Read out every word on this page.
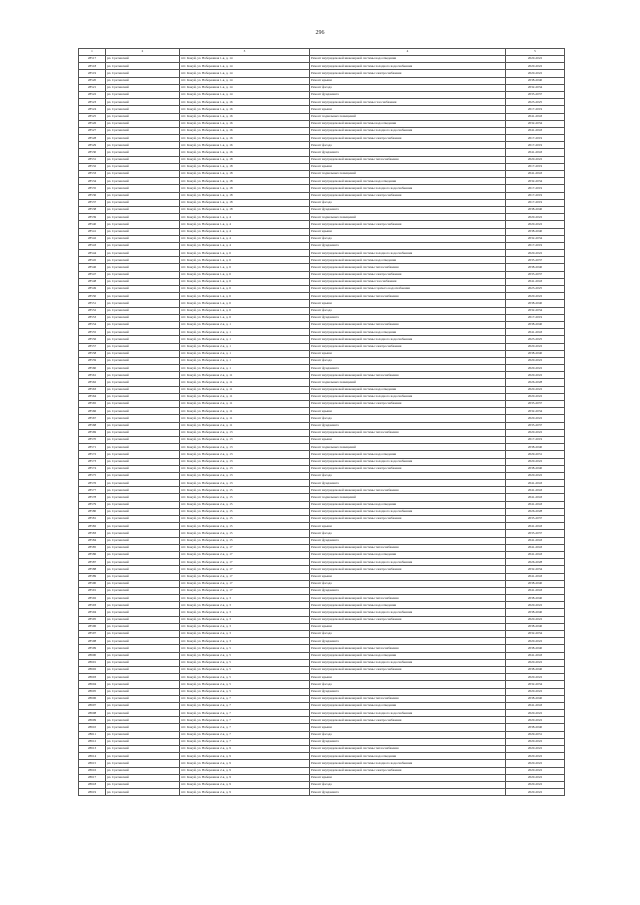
296
1	2	3	4	5
28517	рп. Сретенский	пгт. Кокуй, ул. Набережная 1-я, д. 14	Ремонт внутридомовой инженерной системы водоотведения	2020-2022
28518	рп. Сретенский	пгт. Кокуй, ул. Набережная 1-я, д. 14	Ремонт внутридомовой инженерной системы холодного водоснабжения	2020-2022
28519	рп. Сретенский	пгт. Кокуй, ул. Набережная 1-я, д. 14	Ремонт внутридомовой инженерной системы электроснабжения	2020-2022
28520	рп. Сретенский	пгт. Кокуй, ул. Набережная 1-я, д. 14	Ремонт крыши	2038-2040
28521	рп. Сретенский	пгт. Кокуй, ул. Набережная 1-я, д. 14	Ремонт фасада	2032-2034
28522	рп. Сретенский	пгт. Кокуй, ул. Набережная 1-я, д. 14	Ремонт фундамента	2035-2037
28523	рп. Сретенский	пгт. Кокуй, ул. Набережная 1-я, д. 16	Ремонт внутридомовой инженерной системы газоснабжения	2023-2025
28524	рп. Сретенский	пгт. Кокуй, ул. Набережная 1-я, д. 16	Ремонт крыши	2017-2019
28525	рп. Сретенский	пгт. Кокуй, ул. Набережная 1-я, д. 16	Ремонт подвальных помещений	2041-2043
28526	рп. Сретенский	пгт. Кокуй, ул. Набережная 1-я, д. 16	Ремонт внутридомовой инженерной системы водоотведения	2032-2034
28527	рп. Сретенский	пгт. Кокуй, ул. Набережная 1-я, д. 16	Ремонт внутридомовой инженерной системы холодного водоснабжения	2041-2043
28528	рп. Сретенский	пгт. Кокуй, ул. Набережная 1-я, д. 16	Ремонт внутридомовой инженерной системы электроснабжения	2017-2019
28529	рп. Сретенский	пгт. Кокуй, ул. Набережная 1-я, д. 16	Ремонт фасада	2017-2019
28530	рп. Сретенский	пгт. Кокуй, ул. Набережная 1-я, д. 16	Ремонт фундамента	2041-2043
28531	рп. Сретенский	пгт. Кокуй, ул. Набережная 1-я, д. 18	Ремонт внутридомовой инженерной системы теплоснабжения	2020-2022
28532	рп. Сретенский	пгт. Кокуй, ул. Набережная 1-я, д. 18	Ремонт крыши	2017-2019
28533	рп. Сретенский	пгт. Кокуй, ул. Набережная 1-я, д. 18	Ремонт подвальных помещений	2041-2043
28534	рп. Сретенский	пгт. Кокуй, ул. Набережная 1-я, д. 18	Ремонт внутридомовой инженерной системы водоотведения	2032-2034
28535	рп. Сретенский	пгт. Кокуй, ул. Набережная 1-я, д. 18	Ремонт внутридомовой инженерной системы холодного водоснабжения	2017-2019
28536	рп. Сретенский	пгт. Кокуй, ул. Набережная 1-я, д. 18	Ремонт внутридомовой инженерной системы электроснабжения	2017-2019
28537	рп. Сретенский	пгт. Кокуй, ул. Набережная 1-я, д. 18	Ремонт фасада	2017-2019
28538	рп. Сретенский	пгт. Кокуй, ул. Набережная 1-я, д. 18	Ремонт фундамента	2038-2040
28539	рп. Сретенский	пгт. Кокуй, ул. Набережная 1-я, д. 4	Ремонт подвальных помещений	2020-2022
28540	рп. Сретенский	пгт. Кокуй, ул. Набережная 1-я, д. 4	Ремонт внутридомовой инженерной системы электроснабжения	2020-2022
28541	рп. Сретенский	пгт. Кокуй, ул. Набережная 1-я, д. 4	Ремонт крыши	2038-2040
28542	рп. Сретенский	пгт. Кокуй, ул. Набережная 1-я, д. 4	Ремонт фасада	2032-2034
28543	рп. Сретенский	пгт. Кокуй, ул. Набережная 1-я, д. 4	Ремонт фундамента	2017-2019
28544	рп. Сретенский	пгт. Кокуй, ул. Набережная 1-я, д. 6	Ремонт внутридомовой инженерной системы холодного водоснабжения	2020-2022
28545	рп. Сретенский	пгт. Кокуй, ул. Набережная 1-я, д. 6	Ремонт внутридомовой инженерной системы водоотведения	2035-2037
28546	рп. Сретенский	пгт. Кокуй, ул. Набережная 1-я, д. 6	Ремонт внутридомовой инженерной системы теплоснабжения	2038-2040
28547	рп. Сретенский	пгт. Кокуй, ул. Набережная 1-я, д. 6	Ремонт внутридомовой инженерной системы электроснабжения	2035-2037
28548	рп. Сретенский	пгт. Кокуй, ул. Набережная 1-я, д. 6	Ремонт внутридомовой инженерной системы газоснабжения	2041-2043
28549	рп. Сретенский	пгт. Кокуй, ул. Набережная 1-я, д. 6	Ремонт внутридомовой инженерной системы горячего водоснабжения	2023-2025
28550	рп. Сретенский	пгт. Кокуй, ул. Набережная 1-я, д. 6	Ремонт внутридомовой инженерной системы теплоснабжения	2020-2022
28551	рп. Сретенский	пгт. Кокуй, ул. Набережная 1-я, д. 6	Ремонт крыши	2038-2040
28552	рп. Сретенский	пгт. Кокуй, ул. Набережная 1-я, д. 6	Ремонт фасада	2032-2034
28553	рп. Сретенский	пгт. Кокуй, ул. Набережная 1-я, д. 6	Ремонт фундамента	2017-2019
28554	рп. Сретенский	пгт. Кокуй, ул. Набережная 2-я, д. 1	Ремонт внутридомовой инженерной системы теплоснабжения	2038-2040
28555	рп. Сретенский	пгт. Кокуй, ул. Набережная 2-я, д. 1	Ремонт внутридомовой инженерной системы водоотведения	2041-2043
28556	рп. Сретенский	пгт. Кокуй, ул. Набережная 2-я, д. 1	Ремонт внутридомовой инженерной системы холодного водоснабжения	2023-2025
28557	рп. Сретенский	пгт. Кокуй, ул. Набережная 2-я, д. 1	Ремонт внутридомовой инженерной системы электроснабжения	2020-2022
28558	рп. Сретенский	пгт. Кокуй, ул. Набережная 2-я, д. 1	Ремонт крыши	2038-2040
28559	рп. Сретенский	пгт. Кокуй, ул. Набережная 2-я, д. 1	Ремонт фасада	2020-2022
28560	рп. Сретенский	пгт. Кокуй, ул. Набережная 2-я, д. 1	Ремонт фундамента	2020-2022
28561	рп. Сретенский	пгт. Кокуй, ул. Набережная 2-я, д. 11	Ремонт внутридомовой инженерной системы теплоснабжения	2020-2022
28562	рп. Сретенский	пгт. Кокуй, ул. Набережная 2-я, д. 11	Ремонт подвальных помещений	2026-2028
28563	рп. Сретенский	пгт. Кокуй, ул. Набережная 2-я, д. 11	Ремонт внутридомовой инженерной системы водоотведения	2020-2022
28564	рп. Сретенский	пгт. Кокуй, ул. Набережная 2-я, д. 11	Ремонт внутридомовой инженерной системы холодного водоснабжения	2020-2022
28565	рп. Сретенский	пгт. Кокуй, ул. Набережная 2-я, д. 11	Ремонт внутридомовой инженерной системы электроснабжения	2035-2037
28566	рп. Сретенский	пгт. Кокуй, ул. Набережная 2-я, д. 11	Ремонт крыши	2032-2034
28567	рп. Сретенский	пгт. Кокуй, ул. Набережная 2-я, д. 11	Ремонт фасада	2020-2022
28568	рп. Сретенский	пгт. Кокуй, ул. Набережная 2-я, д. 11	Ремонт фундамента	2035-2037
28569	рп. Сретенский	пгт. Кокуй, ул. Набережная 2-я, д. 13	Ремонт внутридомовой инженерной системы теплоснабжения	2020-2022
28570	рп. Сретенский	пгт. Кокуй, ул. Набережная 2-я, д. 13	Ремонт крыши	2017-2019
28571	рп. Сретенский	пгт. Кокуй, ул. Набережная 2-я, д. 13	Ремонт подвальных помещений	2038-2040
28572	рп. Сретенский	пгт. Кокуй, ул. Набережная 2-я, д. 13	Ремонт внутридомовой инженерной системы водоотведения	2029-2031
28573	рп. Сретенский	пгт. Кокуй, ул. Набережная 2-я, д. 13	Ремонт внутридомовой инженерной системы холодного водоснабжения	2020-2022
28574	рп. Сретенский	пгт. Кокуй, ул. Набережная 2-я, д. 13	Ремонт внутридомовой инженерной системы электроснабжения	2038-2040
28575	рп. Сретенский	пгт. Кокуй, ул. Набережная 2-я, д. 13	Ремонт фасада	2020-2022
28576	рп. Сретенский	пгт. Кокуй, ул. Набережная 2-я, д. 13	Ремонт фундамента	2041-2043
28577	рп. Сретенский	пгт. Кокуй, ул. Набережная 2-я, д. 15	Ремонт внутридомовой инженерной системы теплоснабжения	2041-2043
28578	рп. Сретенский	пгт. Кокуй, ул. Набережная 2-я, д. 15	Ремонт подвальных помещений	2041-2043
28579	рп. Сретенский	пгт. Кокуй, ул. Набережная 2-я, д. 15	Ремонт внутридомовой инженерной системы водоотведения	2041-2043
28580	рп. Сретенский	пгт. Кокуй, ул. Набережная 2-я, д. 15	Ремонт внутридомовой инженерной системы холодного водоснабжения	2026-2028
28581	рп. Сретенский	пгт. Кокуй, ул. Набережная 2-я, д. 15	Ремонт внутридомовой инженерной системы электроснабжения	2035-2037
28582	рп. Сретенский	пгт. Кокуй, ул. Набережная 2-я, д. 15	Ремонт крыши	2041-2043
28583	рп. Сретенский	пгт. Кокуй, ул. Набережная 2-я, д. 15	Ремонт фасада	2035-2037
28584	рп. Сретенский	пгт. Кокуй, ул. Набережная 2-я, д. 15	Ремонт фундамента	2041-2043
28585	рп. Сретенский	пгт. Кокуй, ул. Набережная 2-я, д. 17	Ремонт внутридомовой инженерной системы теплоснабжения	2041-2043
28586	рп. Сретенский	пгт. Кокуй, ул. Набережная 2-я, д. 17	Ремонт внутридомовой инженерной системы водоотведения	2041-2043
28587	рп. Сретенский	пгт. Кокуй, ул. Набережная 2-я, д. 17	Ремонт внутридомовой инженерной системы холодного водоснабжения	2026-2028
28588	рп. Сретенский	пгт. Кокуй, ул. Набережная 2-я, д. 17	Ремонт внутридомовой инженерной системы электроснабжения	2032-2034
28589	рп. Сретенский	пгт. Кокуй, ул. Набережная 2-я, д. 17	Ремонт крыши	2041-2043
28590	рп. Сретенский	пгт. Кокуй, ул. Набережная 2-я, д. 17	Ремонт фасада	2038-2040
28591	рп. Сретенский	пгт. Кокуй, ул. Набережная 2-я, д. 17	Ремонт фундамента	2041-2043
28592	рп. Сретенский	пгт. Кокуй, ул. Набережная 2-я, д. 3	Ремонт внутридомовой инженерной системы теплоснабжения	2038-2040
28593	рп. Сретенский	пгт. Кокуй, ул. Набережная 2-я, д. 3	Ремонт внутридомовой инженерной системы водоотведения	2020-2022
28594	рп. Сретенский	пгт. Кокуй, ул. Набережная 2-я, д. 3	Ремонт внутридомовой инженерной системы холодного водоснабжения	2038-2040
28595	рп. Сретенский	пгт. Кокуй, ул. Набережная 2-я, д. 3	Ремонт внутридомовой инженерной системы электроснабжения	2020-2022
28596	рп. Сретенский	пгт. Кокуй, ул. Набережная 2-я, д. 3	Ремонт крыши	2038-2040
28597	рп. Сретенский	пгт. Кокуй, ул. Набережная 2-я, д. 3	Ремонт фасада	2032-2034
28598	рп. Сретенский	пгт. Кокуй, ул. Набережная 2-я, д. 3	Ремонт фундамента	2020-2022
28599	рп. Сретенский	пгт. Кокуй, ул. Набережная 2-я, д. 5	Ремонт внутридомовой инженерной системы теплоснабжения	2038-2040
28600	рп. Сретенский	пгт. Кокуй, ул. Набережная 2-я, д. 5	Ремонт внутридомовой инженерной системы водоотведения	2041-2043
28601	рп. Сретенский	пгт. Кокуй, ул. Набережная 2-я, д. 5	Ремонт внутридомовой инженерной системы холодного водоснабжения	2020-2022
28602	рп. Сретенский	пгт. Кокуй, ул. Набережная 2-я, д. 5	Ремонт внутридомовой инженерной системы электроснабжения	2038-2040
28603	рп. Сретенский	пгт. Кокуй, ул. Набережная 2-я, д. 5	Ремонт крыши	2020-2022
28604	рп. Сретенский	пгт. Кокуй, ул. Набережная 2-я, д. 5	Ремонт фасада	2032-2034
28605	рп. Сретенский	пгт. Кокуй, ул. Набережная 2-я, д. 5	Ремонт фундамента	2020-2022
28606	рп. Сретенский	пгт. Кокуй, ул. Набережная 2-я, д. 7	Ремонт внутридомовой инженерной системы теплоснабжения	2038-2040
28607	рп. Сретенский	пгт. Кокуй, ул. Набережная 2-я, д. 7	Ремонт внутридомовой инженерной системы водоотведения	2041-2043
28608	рп. Сретенский	пгт. Кокуй, ул. Набережная 2-я, д. 7	Ремонт внутридомовой инженерной системы холодного водоснабжения	2020-2022
28609	рп. Сретенский	пгт. Кокуй, ул. Набережная 2-я, д. 7	Ремонт внутридомовой инженерной системы электроснабжения	2020-2022
28610	рп. Сретенский	пгт. Кокуй, ул. Набережная 2-я, д. 7	Ремонт крыши	2038-2040
28611	рп. Сретенский	пгт. Кокуй, ул. Набережная 2-я, д. 7	Ремонт фасада	2029-2031
28612	рп. Сретенский	пгт. Кокуй, ул. Набережная 2-я, д. 7	Ремонт фундамента	2020-2022
28613	рп. Сретенский	пгт. Кокуй, ул. Набережная 2-я, д. 9	Ремонт внутридомовой инженерной системы теплоснабжения	2020-2022
28614	рп. Сретенский	пгт. Кокуй, ул. Набережная 2-я, д. 9	Ремонт внутридомовой инженерной системы водоотведения	2020-2022
28615	рп. Сретенский	пгт. Кокуй, ул. Набережная 2-я, д. 9	Ремонт внутридомовой инженерной системы холодного водоснабжения	2020-2022
28616	рп. Сретенский	пгт. Кокуй, ул. Набережная 2-я, д. 9	Ремонт внутридомовой инженерной системы электроснабжения	2020-2022
28617	рп. Сретенский	пгт. Кокуй, ул. Набережная 2-я, д. 9	Ремонт крыши	2020-2022
28618	рп. Сретенский	пгт. Кокуй, ул. Набережная 2-я, д. 9	Ремонт фасада	2020-2022
28619	рп. Сретенский	пгт. Кокуй, ул. Набережная 2-я, д. 9	Ремонт фундамента	2020-2022
